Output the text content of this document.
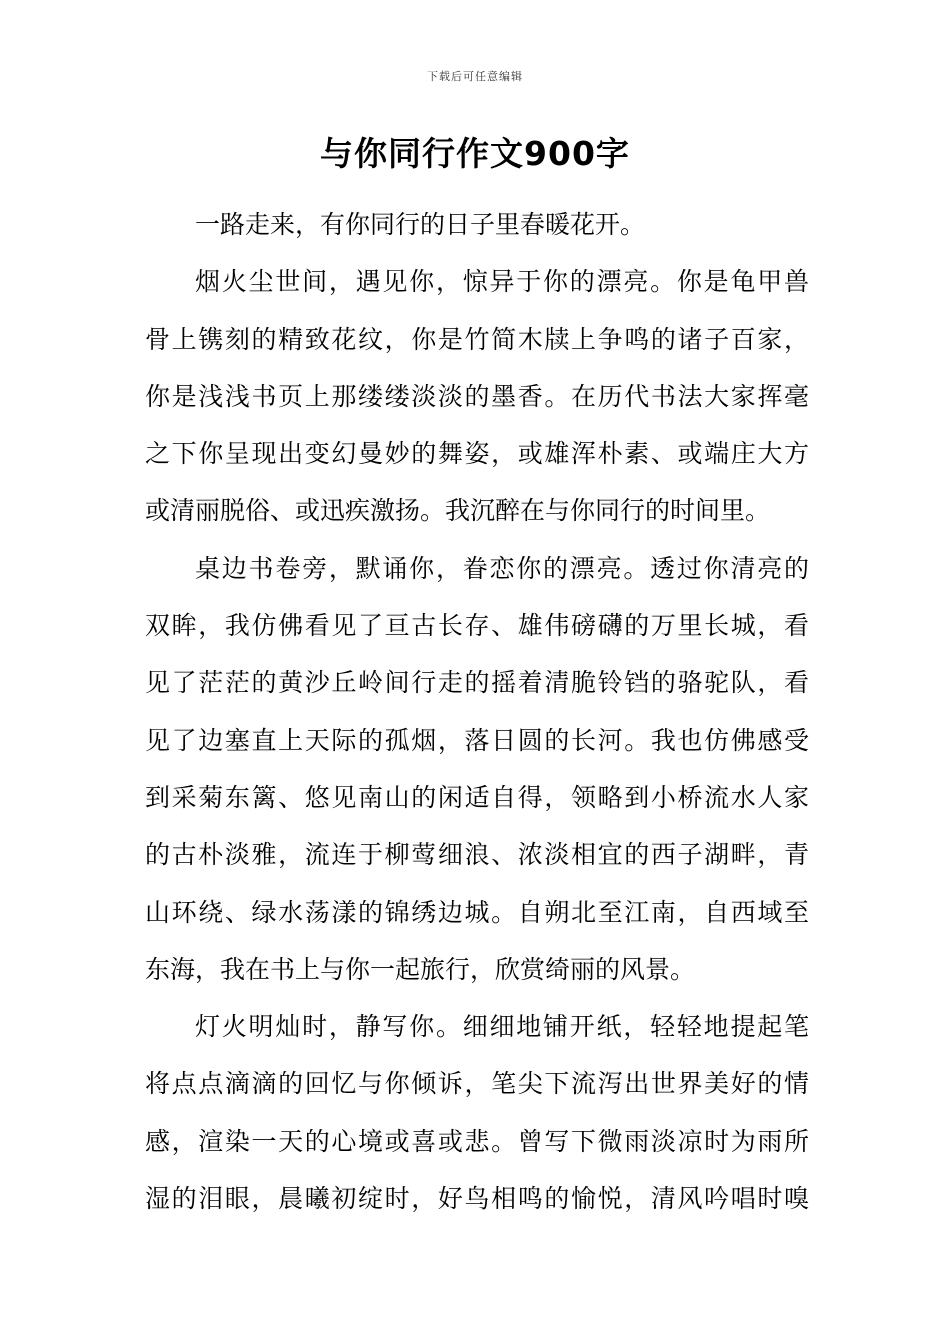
下载后可任意编辑
与你同行作文900字
一路走来，有你同行的日子里春暖花开。
烟火尘世间，遇见你，惊异于你的漂亮。你是龟甲兽
骨上镌刻的精致花纹，你是竹简木牍上争鸣的诸子百家，
你是浅浅书页上那缕缕淡淡的墨香。在历代书法大家挥毫
之下你呈现出变幻曼妙的舞姿，或雄浑朴素、或端庄大方
或清丽脱俗、或迅疾激扬。我沉醉在与你同行的时间里。
桌边书卷旁，默诵你，眷恋你的漂亮。透过你清亮的
双眸，我仿佛看见了亘古长存、雄伟磅礴的万里长城，看
见了茫茫的黄沙丘岭间行走的摇着清脆铃铛的骆驼队，看
见了边塞直上天际的孤烟，落日圆的长河。我也仿佛感受
到采菊东篱、悠见南山的闲适自得，领略到小桥流水人家
的古朴淡雅，流连于柳莺细浪、浓淡相宜的西子湖畔，青
山环绕、绿水荡漾的锦绣边城。自朔北至江南，自西域至
东海，我在书上与你一起旅行，欣赏绮丽的风景。
灯火明灿时，静写你。细细地铺开纸，轻轻地提起笔
将点点滴滴的回忆与你倾诉，笔尖下流泻出世界美好的情
感，渲染一天的心境或喜或悲。曾写下微雨淡凉时为雨所
湿的泪眼，晨曦初绽时，好鸟相鸣的愉悦，清风吟唱时嗅
